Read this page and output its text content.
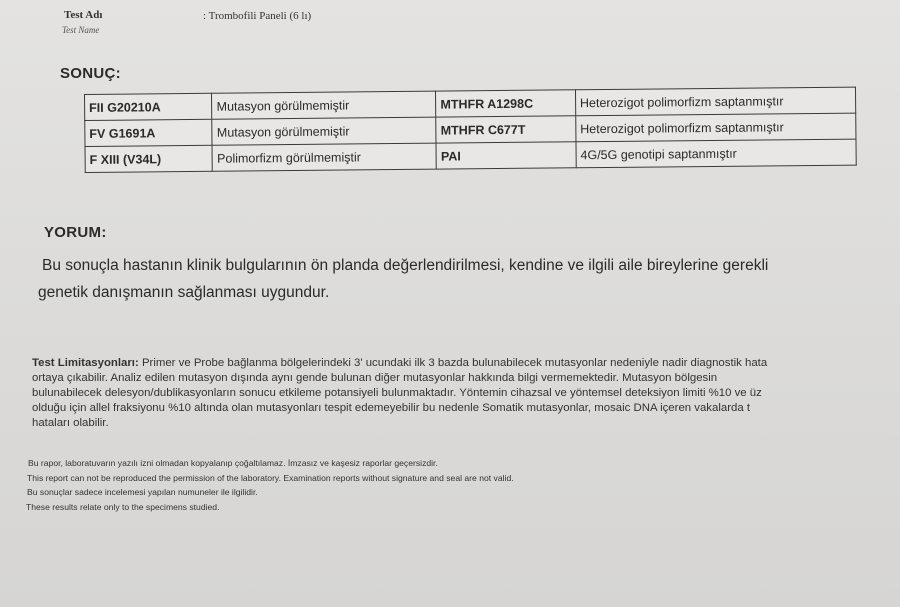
Test Adı
Test Name
: Trombofili Paneli (6 lı)
SONUÇ:
FII G20210A	Mutasyon görülmemiştir	MTHFR A1298C	Heterozigot polimorfizm saptanmıştır
FV G1691A	Mutasyon görülmemiştir	MTHFR C677T	Heterozigot polimorfizm saptanmıştır
F XIII (V34L)	Polimorfizm görülmemiştir	PAI	4G/5G genotipi saptanmıştır
YORUM:
Bu sonuçla hastanın klinik bulgularının ön planda değerlendirilmesi, kendine ve ilgili aile bireylerine gerekli
genetik danışmanın sağlanması uygundur.
Test Limitasyonları: Primer ve Probe bağlanma bölgelerindeki 3' ucundaki ilk 3 bazda bulunabilecek mutasyonlar nedeniyle nadir diagnostik hata
ortaya çıkabilir. Analiz edilen mutasyon dışında aynı gende bulunan diğer mutasyonlar hakkında bilgi vermemektedir. Mutasyon bölgesin
bulunabilecek delesyon/dublikasyonların sonucu etkileme potansiyeli bulunmaktadır. Yöntemin cihazsal ve yöntemsel deteksiyon limiti %10 ve üz
olduğu için allel fraksiyonu %10 altında olan mutasyonları tespit edemeyebilir bu nedenle Somatik mutasyonlar, mosaic DNA içeren vakalarda t
hataları olabilir.
Bu rapor, laboratuvarın yazılı izni olmadan kopyalanıp çoğaltılamaz. İmzasız ve kaşesiz raporlar geçersizdir.
This report can not be reproduced the permission of the laboratory. Examination reports without signature and seal are not valid.
Bu sonuçlar sadece incelemesi yapılan numuneler ile ilgilidir.
These results relate only to the specimens studied.
